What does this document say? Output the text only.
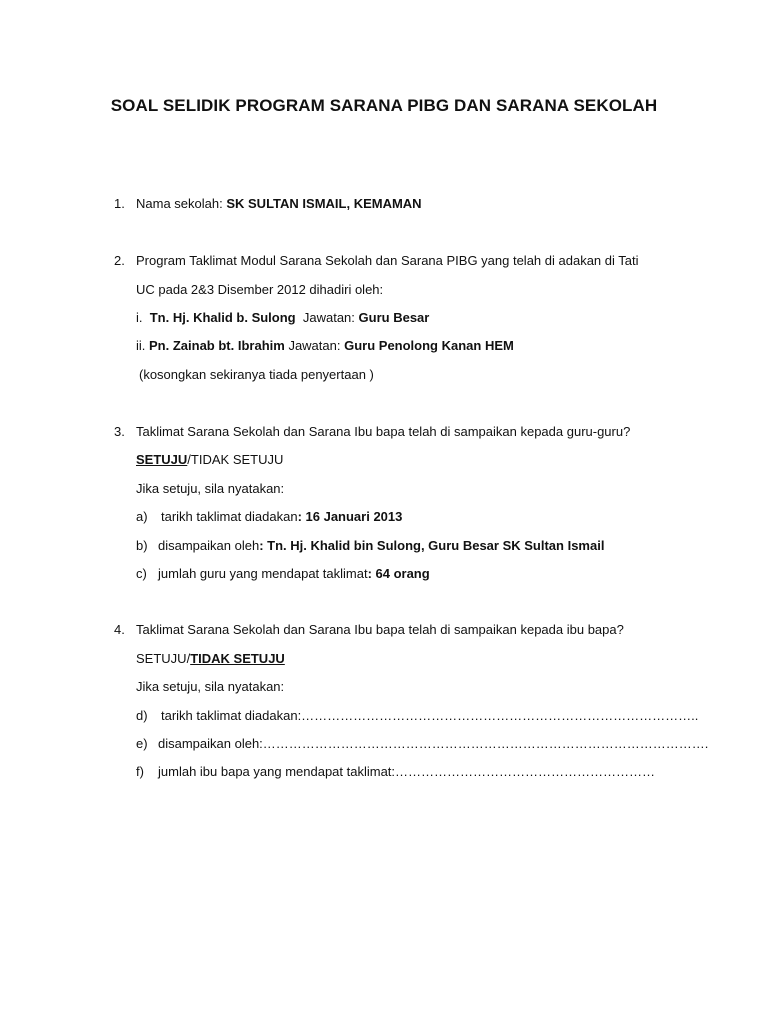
SOAL SELIDIK PROGRAM SARANA PIBG DAN SARANA SEKOLAH
1. Nama sekolah: SK SULTAN ISMAIL, KEMAMAN
2. Program Taklimat Modul Sarana Sekolah dan Sarana PIBG yang telah di adakan di Tati
UC pada 2&3 Disember 2012 dihadiri oleh:
i. Tn. Hj. Khalid b. Sulong Jawatan: Guru Besar
ii. Pn. Zainab bt. Ibrahim Jawatan: Guru Penolong Kanan HEM
(kosongkan sekiranya tiada penyertaan )
3. Taklimat Sarana Sekolah dan Sarana Ibu bapa telah di sampaikan kepada guru-guru?
SETUJU/TIDAK SETUJU
Jika setuju, sila nyatakan:
a) tarikh taklimat diadakan: 16 Januari 2013
b) disampaikan oleh: Tn. Hj. Khalid bin Sulong, Guru Besar SK Sultan Ismail
c) jumlah guru yang mendapat taklimat: 64 orang
4. Taklimat Sarana Sekolah dan Sarana Ibu bapa telah di sampaikan kepada ibu bapa?
SETUJU/TIDAK SETUJU
Jika setuju, sila nyatakan:
d) tarikh taklimat diadakan:………………………………………………………………………………..
e) disampaikan oleh:………………………………………………………………………………………….
f) jumlah ibu bapa yang mendapat taklimat:……………………………………………………
